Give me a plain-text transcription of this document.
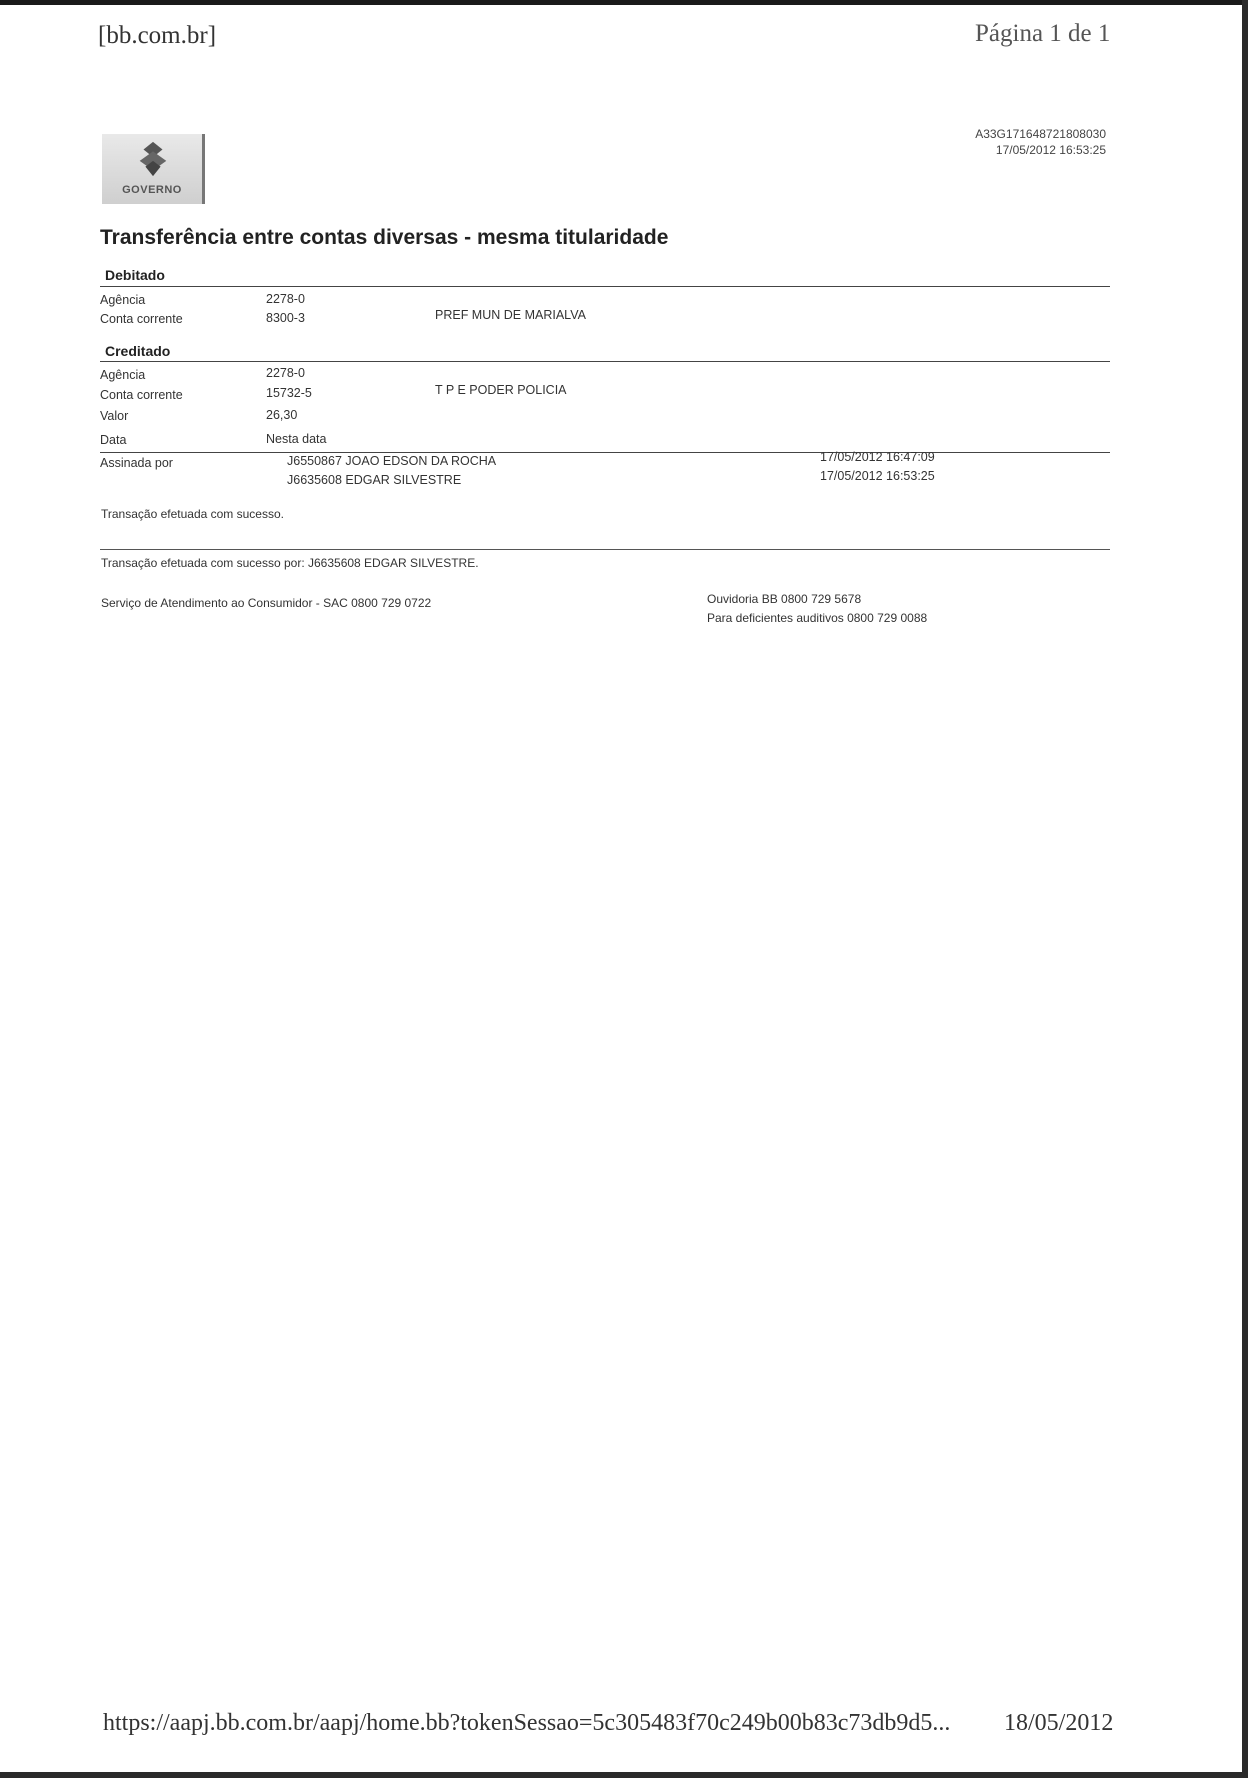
[bb.com.br]	Página 1 de 1
GOVERNO
A33G171648721808030
17/05/2012 16:53:25
Transferência entre contas diversas - mesma titularidade
Debitado
Agência	2278-0
Conta corrente	8300-3	PREF MUN DE MARIALVA
Creditado
Agência	2278-0
Conta corrente	15732-5	T P E PODER POLICIA
Valor	26,30
Data	Nesta data
Assinada por	J6550867 JOAO EDSON DA ROCHA	17/05/2012 16:47:09
J6635608 EDGAR SILVESTRE	17/05/2012 16:53:25
Transação efetuada com sucesso.
Transação efetuada com sucesso por: J6635608 EDGAR SILVESTRE.
Serviço de Atendimento ao Consumidor - SAC 0800 729 0722	Ouvidoria BB 0800 729 5678
Para deficientes auditivos 0800 729 0088
https://aapj.bb.com.br/aapj/home.bb?tokenSessao=5c305483f70c249b00b83c73db9d5... 18/05/2012
